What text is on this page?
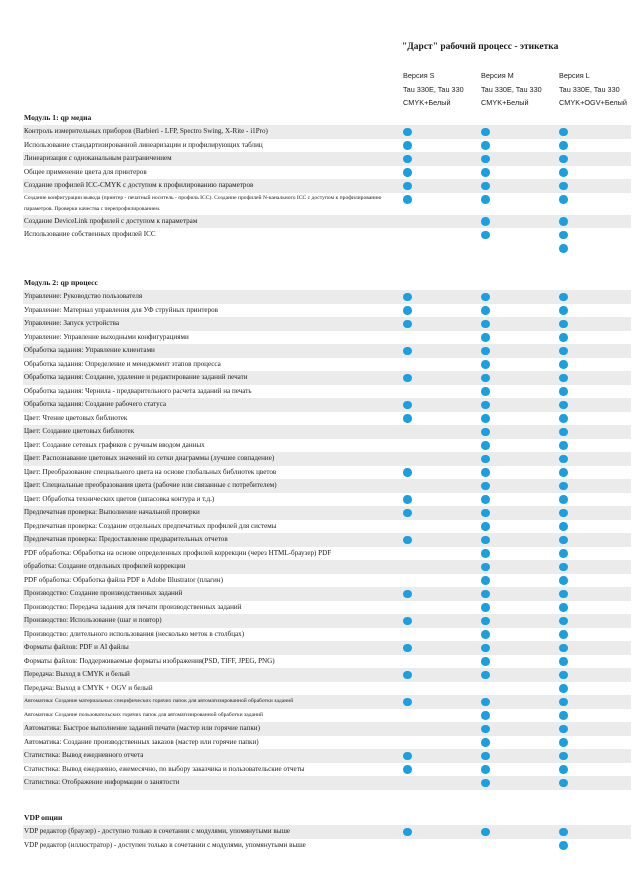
"Дарст" рабочий процесс - этикетка
Версия S
Tau 330E, Tau 330
CMYK+Белый
Версия M
Tau 330E, Tau 330
CMYK+Белый
Версия L
Tau 330E, Tau 330
CMYK+OGV+Белый
Модуль 1: qp медиа
Контроль измерительных приборов (Barbieri - LFP, Spectro Swing, X-Rite - i1Pro)
Использование стандартизированной линеаризации и профилирующих таблиц
Линеаризация с одноканальным разграничением
Общее применение цвета для принтеров
Создание профилей ICC-CMYK с доступом к профилированию параметров
Создание конфигурации вывода (принтер - печатный носитель - профиль ICC). Создание профилей N-канального ICC с доступом к профилированию параметров. Проверки качества с перепрофилированием.
Создание DeviceLink профилей с доступом к параметрам
Использование собственных профилей ICC
Модуль 2: qp процесс
Управление: Руководство пользователя
Управление: Материал управления для УФ струйных принтеров
Управление: Запуск устройства
Управление: Управление выходными конфигурациями
Обработка задания: Управление клиентами
Обработка задания: Определение и менеджмент этапов процесса
Обработка задания: Создание, удаление и редактирование заданий печати
Обработка задания: Чернила - предварительного расчета заданий на печать
Обработка задания: Создание рабочего статуса
Цвет: Чтение цветовых библиотек
Цвет: Создание цветовых библиотек
Цвет: Создание сетевых графиков с ручным вводом данных
Цвет: Распознавание цветовых значений из сетки диаграммы (лучшее совпадение)
Цвет: Преобразование специального цвета на основе глобальных библиотек цветов
Цвет: Специальные преобразования цвета (рабочие или связанные с потребителем)
Цвет: Обработка технических цветов (шпасовка контура и т.д.)
Предпечатная проверка: Выполнение начальной проверки
Предпечатная проверка: Создание отдельных предпечатных профилей для системы
Предпечатная проверка: Предоставление предварительных отчетов
PDF обработка: Обработка на основе определенных профилей коррекции (через HTML-браузер) PDF
обработка: Создание отдельных профилей коррекции
PDF обработка: Обработка файла PDF в Adobe Illustrator (плагин)
Производство: Создание производственных заданий
Производство: Передача задания для печати производственных заданий
Производство: Использование (шаг и повтор)
Производство: длительного использования (несколько меток в столбцах)
Форматы файлов: PDF и AI файлы
Форматы файлов: Поддерживаемые форматы изображения(PSD, TIFF, JPEG, PNG)
Передача: Выход в CMYK и белый
Передача: Выход в CMYK + OGV и белый
Автоматика: Создание материальных специфических горячих папок для автоматизированной обработки заданий
Автоматика: Создание пользовательских горячих папок для автоматизированной обработки заданий
Автоматика: Быстрое выполнение заданий печати (мастер или горячие папки)
Автоматика: Создание производственных заказов (мастер или горячие папки)
Статистика: Вывод ежедневного отчета
Статистика: Вывод ежедневно, ежемесячно, по выбору заказчика и пользовательские отчеты
Статистика: Отображение информации о занятости
VDP опции
VDP редактор (браузер) - доступно только в сочетании с модулями, упомянутыми выше
VDP редактор (иллюстратор) - доступен только в сочетании с модулями, упомянутыми выше
